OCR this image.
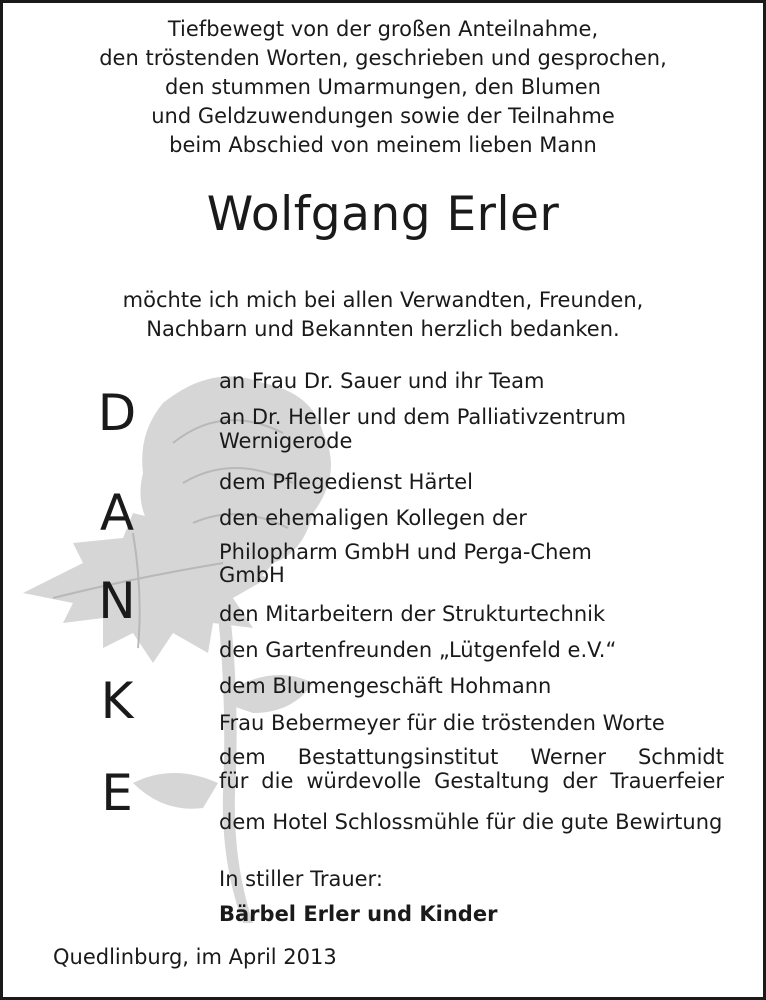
Tiefbewegt von der großen Anteilnahme,
den tröstenden Worten, geschrieben und gesprochen,
den stummen Umarmungen, den Blumen
und Geldzuwendungen sowie der Teilnahme
beim Abschied von meinem lieben Mann
Wolfgang Erler
möchte ich mich bei allen Verwandten, Freunden,
Nachbarn und Bekannten herzlich bedanken.
D
A
N
K
E
an Frau Dr. Sauer und ihr Team
an Dr. Heller und dem Palliativzentrum
Wernigerode
dem Pflegedienst Härtel
den ehemaligen Kollegen der
Philopharm GmbH und Perga-Chem
GmbH
den Mitarbeitern der Strukturtechnik
den Gartenfreunden „Lütgenfeld e.V.“
dem Blumengeschäft Hohmann
Frau Bebermeyer für die tröstenden Worte
dem Bestattungsinstitut Werner Schmidt
für die würdevolle Gestaltung der Trauerfeier
dem Hotel Schlossmühle für die gute Bewirtung
In stiller Trauer:
Bärbel Erler und Kinder
Quedlinburg, im April 2013
